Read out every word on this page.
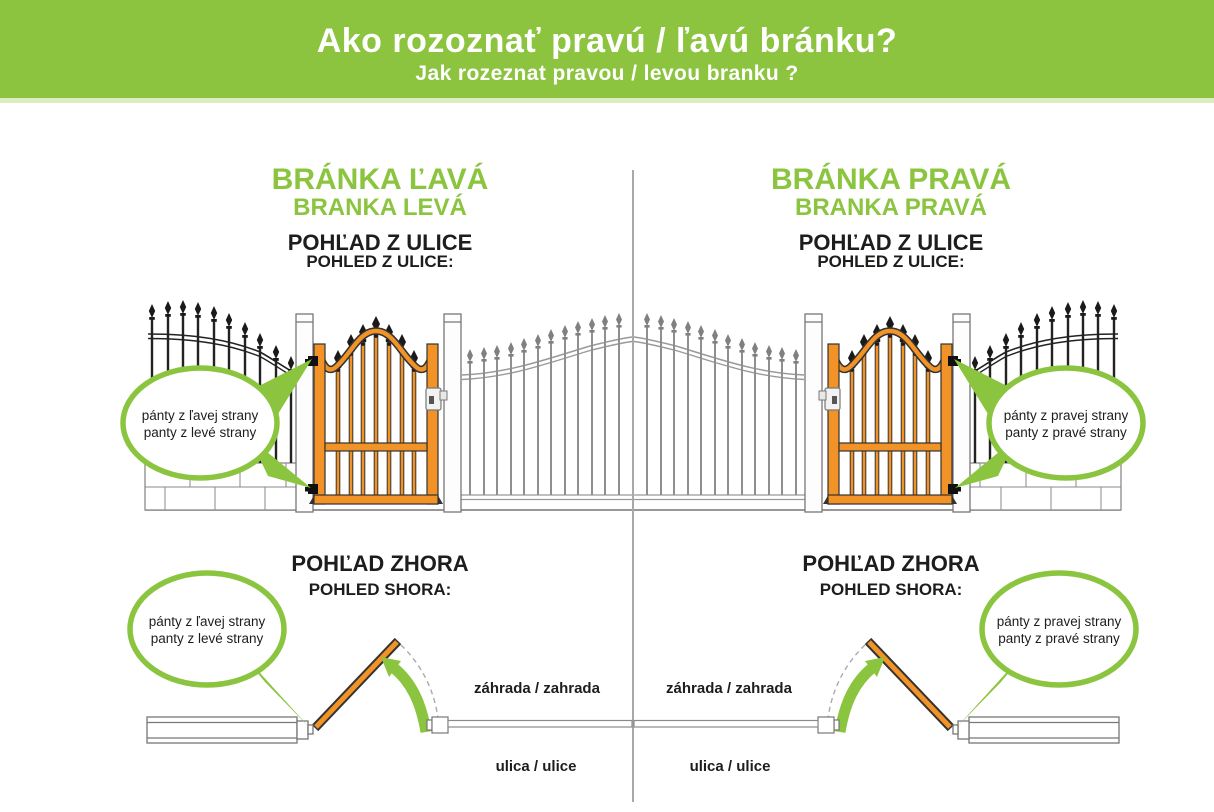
Ako rozoznať pravú / ľavú bránku?
Jak rozeznat pravou / levou branku ?
BRÁNKA ĽAVÁ
BRANKA LEVÁ
POHĽAD Z ULICE
POHLED Z ULICE:
BRÁNKA PRAVÁ
BRANKA PRAVÁ
POHĽAD Z ULICE
POHLED Z ULICE:
pánty z ľavej strany
panty z levé strany
pánty z pravej strany
panty z pravé strany
POHĽAD ZHORA
POHLED SHORA:
POHĽAD ZHORA
POHLED SHORA:
pánty z ľavej strany
panty z levé strany
pánty z pravej strany
panty z pravé strany
záhrada / zahrada
ulica / ulice
záhrada / zahrada
ulica / ulice
